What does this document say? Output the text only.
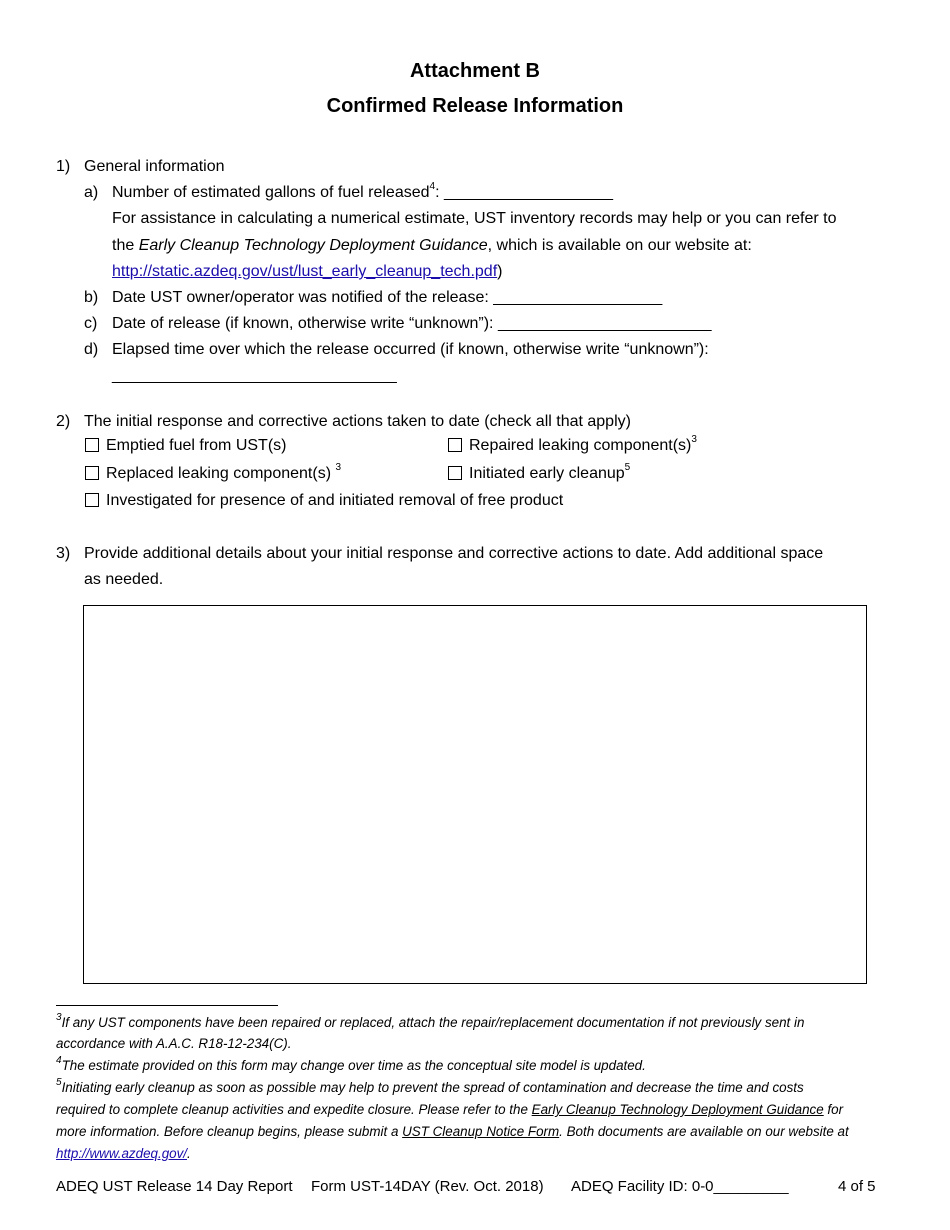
Attachment B
Confirmed Release Information
1) General information
a) Number of estimated gallons of fuel released$^4$: ___________________
For assistance in calculating a numerical estimate, UST inventory records may help or you can refer to
the Early Cleanup Technology Deployment Guidance, which is available on our website at:
http://static.azdeq.gov/ust/lust_early_cleanup_tech.pdf)
b) Date UST owner/operator was notified of the release: ___________________
c) Date of release (if known, otherwise write “unknown”): ________________________
d) Elapsed time over which the release occurred (if known, otherwise write “unknown”):
________________________________
2) The initial response and corrective actions taken to date (check all that apply)
Emptied fuel from UST(s)	Repaired leaking $component(s)^3$
Replaced leaking component(s) $^3$	Initiated early cleanup$^5$
Investigated for presence of and initiated removal of free product
3) Provide additional details about your initial response and corrective actions to date. Add additional space
as needed.
$^3$If any UST components have been repaired or replaced, attach the repair/replacement documentation if not previously sent in
accordance with A.A.C. R18-12-234(C).
$^4$The estimate provided on this form may change over time as the conceptual site model is updated.
$^5$Initiating early cleanup as soon as possible may help to prevent the spread of contamination and decrease the time and costs
required to complete cleanup activities and expedite closure. Please refer to the Early Cleanup Technology Deployment Guidance for
more information. Before cleanup begins, please submit a UST Cleanup Notice Form. Both documents are available on our website at
http://www.azdeq.gov/.
ADEQ UST Release 14 Day Report Form UST-14DAY (Rev. Oct. 2018) ADEQ Facility ID: 0-0_________	4 of 5
